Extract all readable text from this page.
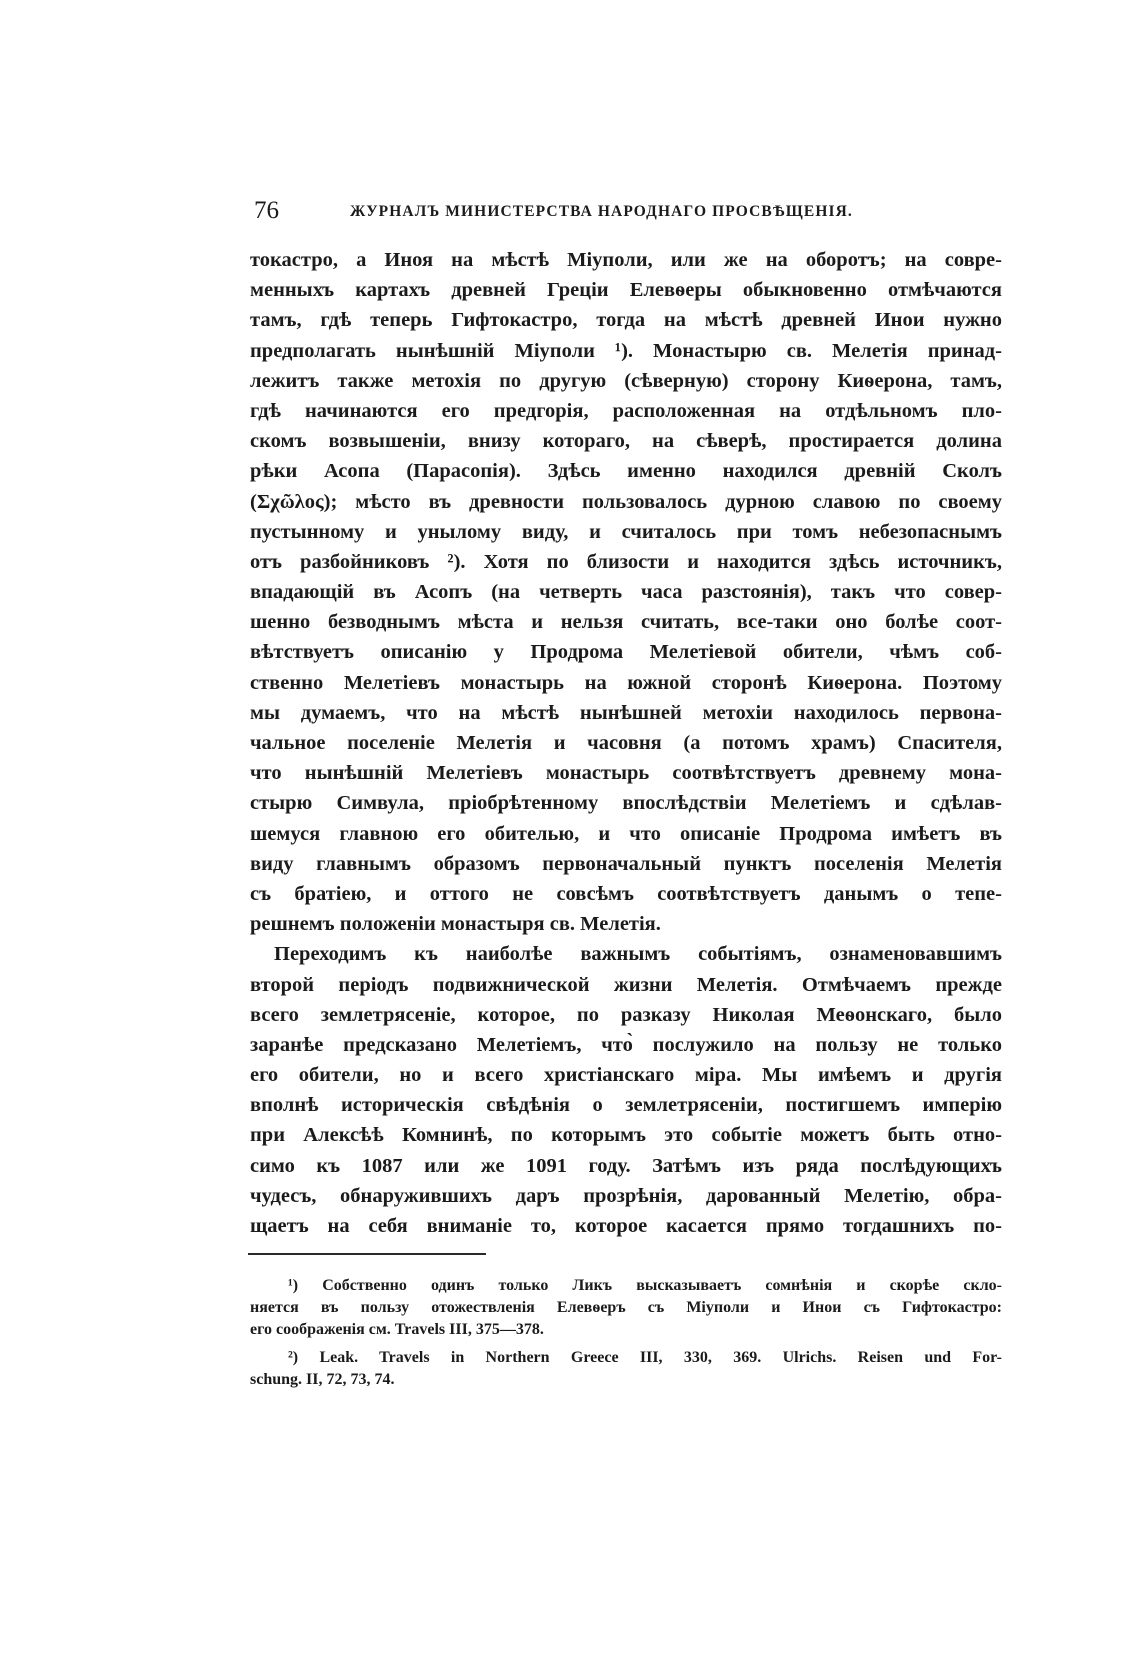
76	ЖУРНАЛЪ МИНИСТЕРСТВА НАРОДНАГО ПРОСВѢЩЕНІЯ.
токастро, а Иноя на мѣстѣ Міуполи, или же на оборотъ; на совре-
менныхъ картахъ древней Греціи Елевѳеры обыкновенно отмѣчаются
тамъ, гдѣ теперь Гифтокастро, тогда на мѣстѣ древней Инои нужно
предполагать нынѣшній Міуполи ¹). Монастырю св. Мелетія принад-
лежитъ также метохія по другую (сѣверную) сторону Киѳерона, тамъ,
гдѣ начинаются его предгорія, расположенная на отдѣльномъ пло-
скомъ возвышеніи, внизу котораго, на сѣверѣ, простирается долина
рѣки Асопа (Парасопія). Здѣсь именно находился древній Сколъ
(Σχῶλος); мѣсто въ древности пользовалось дурною славою по своему
пустынному и унылому виду, и считалось при томъ небезопаснымъ
отъ разбойниковъ ²). Хотя по близости и находится здѣсь источникъ,
впадающій въ Асопъ (на четверть часа разстоянія), такъ что совер-
шенно безводнымъ мѣста и нельзя считать, все-таки оно болѣе соот-
вѣтствуетъ описанію у Продрома Мелетіевой обители, чѣмъ соб-
ственно Мелетіевъ монастырь на южной сторонѣ Киѳерона. Поэтому
мы думаемъ, что на мѣстѣ нынѣшней метохіи находилось первона-
чальное поселеніе Мелетія и часовня (а потомъ храмъ) Спасителя,
что нынѣшній Мелетіевъ монастырь соотвѣтствуетъ древнему мона-
стырю Симвула, пріобрѣтенному впослѣдствіи Мелетіемъ и сдѣлав-
шемуся главною его обителью, и что описаніе Продрома имѣетъ въ
виду главнымъ образомъ первоначальный пунктъ поселенія Мелетія
съ братіею, и оттого не совсѣмъ соотвѣтствуетъ данымъ о тепе-
решнемъ положеніи монастыря св. Мелетія.
Переходимъ къ наиболѣе важнымъ событіямъ, ознаменовавшимъ
второй періодъ подвижнической жизни Мелетія. Отмѣчаемъ прежде
всего землетрясеніе, которое, по разказу Николая Меѳонскаго, было
заранѣе предсказано Мелетіемъ, что̀ послужило на пользу не только
его обители, но и всего христіанскаго міра. Мы имѣемъ и другія
вполнѣ историческія свѣдѣнія о землетрясеніи, постигшемъ имперію
при Алексѣѣ Комнинѣ, по которымъ это событіе можетъ быть отно-
симо къ 1087 или же 1091 году. Затѣмъ изъ ряда послѣдующихъ
чудесъ, обнаружившихъ даръ прозрѣнія, дарованный Мелетію, обра-
щаетъ на себя вниманіе то, которое касается прямо тогдашнихъ по-
¹) Собственно одинъ только Ликъ высказываетъ сомнѣнія и скорѣе скло-
няется въ пользу отожествленія Елевѳеръ съ Міуполи и Инои съ Гифтокастро:
его соображенія см. Travels III, 375—378.
²) Leak. Travels in Northern Greece III, 330, 369. Ulrichs. Reisen und For-
schung. II, 72, 73, 74.
